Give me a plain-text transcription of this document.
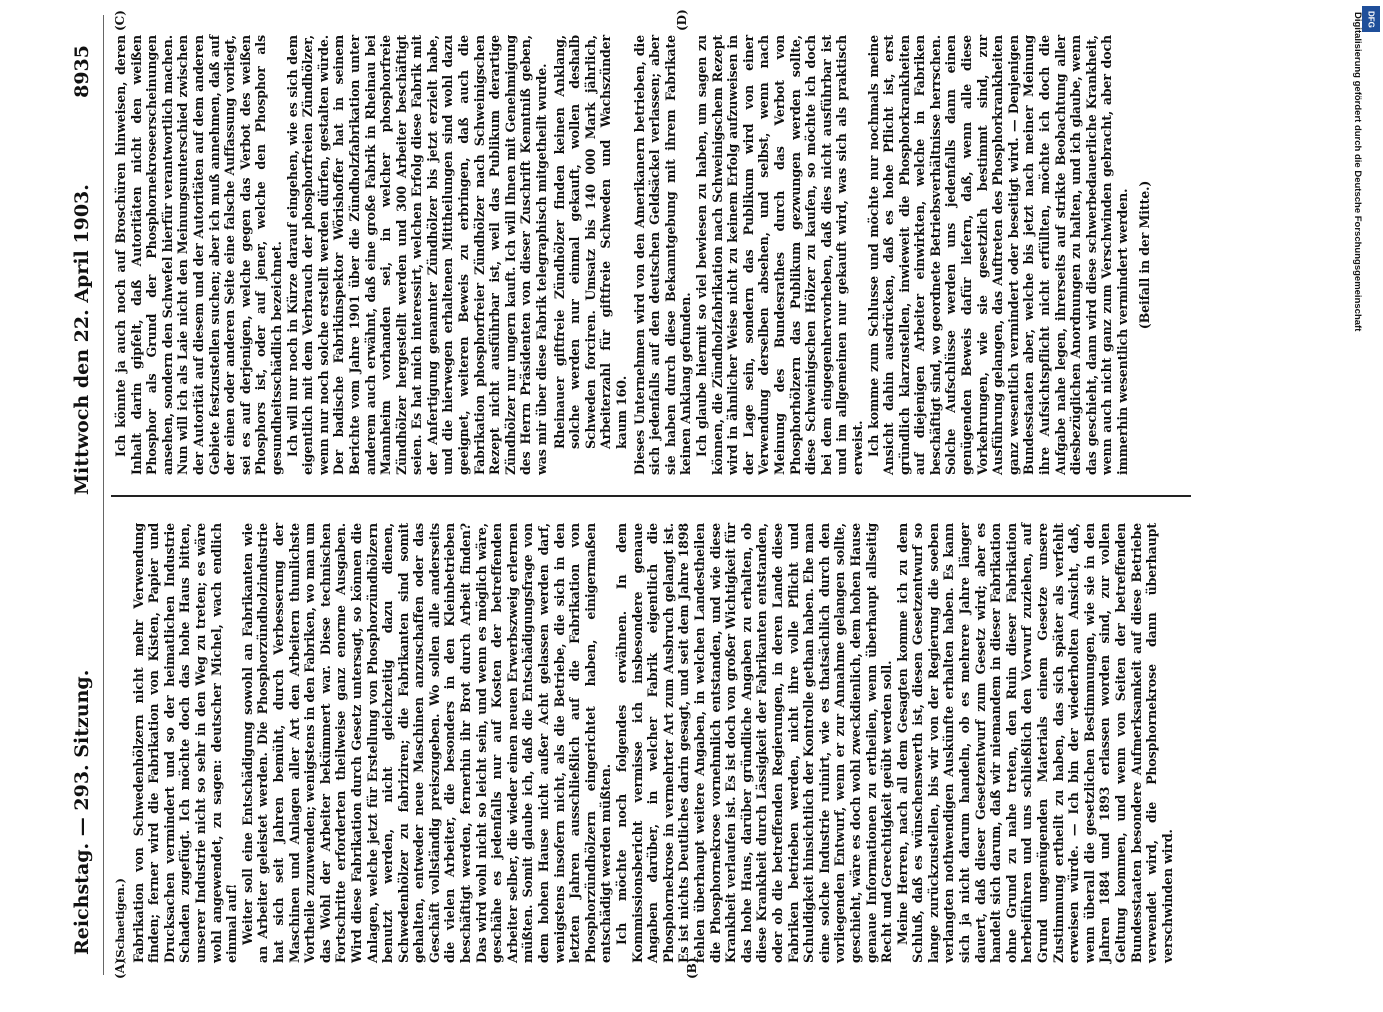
Reichstag. — 293. Sitzung.
Mittwoch den 22. April 1903.
8935
(A)	(B)
(C)	(D)

(Schaetigen.) Fabrikation von Schwedenhölzern nicht mehr Verwendung finden; ferner wird die Fabrikation von Kisten, Papier und Drucksachen vermindert und so der heimatlichen Industrie Schaden zugefügt. Ich möchte doch das hohe Haus bitten, unserer Industrie nicht so sehr in den Weg zu treten; es wäre wohl angewendet, zu sagen: deutscher Michel, wach endlich einmal auf! Weiter soll eine Entschädigung sowohl an Fabrikanten wie an Arbeiter geleistet werden. Die Phosphorzündholzindustrie hat sich seit Jahren bemüht, durch Verbesserung der Maschinen und Anlagen aller Art den Arbeitern thunlichste Vortheile zuzuwenden; wenigstens in den Fabriken, wo man um das Wohl der Arbeiter bekümmert war. Diese technischen Fortschritte erforderten theilweise ganz enorme Ausgaben. Wird diese Fabrikation durch Gesetz untersagt, so können die Anlagen, welche jetzt für Erstellung von Phosphorzündhölzern benutzt werden, nicht gleichzeitig dazu dienen, Schwedenhölzer zu fabriziren; die Fabrikanten sind somit gehalten, entweder neue Maschinen anzuschaffen oder das Geschäft vollständig preiszugeben. Wo sollen alle anderseits die vielen Arbeiter, die besonders in den Kleinbetrieben beschäftigt werden, fernerhin ihr Brot durch Arbeit finden? Das wird wohl nicht so leicht sein, und wenn es möglich wäre, geschähe es jedenfalls nur auf Kosten der betreffenden Arbeiter selber, die wieder einen neuen Erwerbszweig erlernen müßten. Somit glaube ich, daß die Entschädigungsfrage von dem hohen Hause nicht außer Acht gelassen werden darf, wenigstens insofern nicht, als die Betriebe, die sich in den letzten Jahren ausschließlich auf die Fabrikation von Phosphorzündhölzern eingerichtet haben, einigermaßen entschädigt werden müßten. Ich möchte noch folgendes erwähnen. In dem Kommissionsbericht vermisse ich insbesondere genaue Angaben darüber, in welcher Fabrik eigentlich die Phosphornekrose in vermehrter Art zum Ausbruch gelangt ist. Es ist nichts Deutliches darin gesagt, und seit dem Jahre 1898 fehlen überhaupt weitere Angaben, in welchen Landestheilen die Phosphornekrose vornehmlich entstanden, und wie diese Krankheit verlaufen ist. Es ist doch von großer Wichtigkeit für das hohe Haus, darüber gründliche Angaben zu erhalten, ob diese Krankheit durch Lässigkeit der Fabrikanten entstanden, oder ob die betreffenden Regierungen, in deren Lande diese Fabriken betrieben werden, nicht ihre volle Pflicht und Schuldigkeit hinsichtlich der Kontrolle gethan haben. Ehe man eine solche Industrie ruinirt, wie es thatsächlich durch den vorliegenden Entwurf, wenn er zur Annahme gelangen sollte, geschieht, wäre es doch wohl zweckdienlich, dem hohen Hause genaue Informationen zu ertheilen, wenn überhaupt allseitig Recht und Gerechtigkeit geübt werden soll. Meine Herren, nach all dem Gesagten komme ich zu dem Schluß, daß es wünschenswerth ist, diesen Gesetzentwurf so lange zurückzustellen, bis wir von der Regierung die soeben verlangten nothwendigen Auskünfte erhalten haben. Es kann sich ja nicht darum handeln, ob es mehrere Jahre länger dauert, daß dieser Gesetzentwurf zum Gesetz wird; aber es handelt sich darum, daß wir niemandem in dieser Fabrikation ohne Grund zu nahe treten, den Ruin dieser Fabrikation herbeiführen und uns schließlich den Vorwurf zuziehen, auf Grund ungenügenden Materials einem Gesetze unsere Zustimmung ertheilt zu haben, das sich später als verfehlt erweisen würde. — Ich bin der wiederholten Ansicht, daß, wenn überall die gesetzlichen Bestimmungen, wie sie in den Jahren 1884 und 1893 erlassen worden sind, zur vollen Geltung kommen, und wenn von Seiten der betreffenden Bundesstaaten besondere Aufmerksamkeit auf diese Betriebe verwendet wird, die Phosphornekrose dann überhaupt verschwinden wird.

Ich könnte ja auch noch auf Broschüren hinweisen, deren Inhalt darin gipfelt, daß Autoritäten nicht den weißen Phosphor als Grund der Phosphornekroseerscheinungen ansehen, sondern den Schwefel hierfür verantwortlich machen. Nun will ich als Laie nicht den Meinungsunterschied zwischen der Autorität auf diesem und der Autoritäten auf dem anderen Gebiete festzustellen suchen; aber ich muß annehmen, daß auf der einen oder anderen Seite eine falsche Auffassung vorliegt, sei es auf derjenigen, welche gegen das Verbot des weißen Phosphors ist, oder auf jener, welche den Phosphor als gesundheitsschädlich bezeichnet. Ich will nur noch in Kürze darauf eingehen, wie es sich dem eigentlich mit dem Verbrauch der phosphorfreien Zündhölzer, wenn nur noch solche erstellt werden dürfen, gestalten würde. Der badische Fabrikinspektor Wörishoffer hat in seinem Berichte vom Jahre 1901 über die Zündholzfabrikation unter anderem auch erwähnt, daß eine große Fabrik in Rheinau bei Mannheim vorhanden sei, in welcher phosphorfreie Zündhölzer hergestellt werden und 300 Arbeiter beschäftigt seien. Es hat mich interessirt, welchen Erfolg diese Fabrik mit der Anfertigung genannter Zündhölzer bis jetzt erzielt habe, und die hierwegen erhaltenen Mittheilungen sind wohl dazu geeignet, weiteren Beweis zu erbringen, daß auch die Fabrikation phosphorfreier Zündhölzer nach Schweinigschen Rezept nicht ausführbar ist, weil das Publikum derartige Zündhölzer nur ungern kauft. Ich will Ihnen mit Genehmigung des Herrn Präsidenten von dieser Zuschrift Kenntniß geben, was mir über diese Fabrik telegraphisch mitgetheilt wurde. Rheinauer giftfreie Zündhölzer finden keinen Anklang, solche werden nur einmal gekauft, wollen deshalb Schweden forciren. Umsatz bis 140 000 Mark jährlich, Arbeiterzahl für giftfreie Schweden und Wachszünder kaum 160. Dieses Unternehmen wird von den Amerikanern betrieben, die sich jedenfalls auf den deutschen Geldsäckel verlassen; aber sie haben durch diese Bekanntgebung mit ihrem Fabrikate keinen Anklang gefunden. Ich glaube hiermit so viel bewiesen zu haben, um sagen zu können, die Zündholzfabrikation nach Schweinigschem Rezept wird in ähnlicher Weise nicht zu keinem Erfolg aufzuweisen in der Lage sein, sondern das Publikum wird von einer Verwendung derselben absehen, und selbst, wenn nach Meinung des Bundesrathes durch das Verbot von Phosphorhölzern das Publikum gezwungen werden sollte, diese Schweinigschen Hölzer zu kaufen, so möchte ich doch bei dem eingegenhervorheben, daß dies nicht ausführbar ist und im allgemeinen nur gekauft wird, was sich als praktisch erweist. Ich komme zum Schlusse und möchte nur nochmals meine Ansicht dahin ausdrücken, daß es hohe Pflicht ist, erst gründlich klarzustellen, inwieweit die Phosphorkrankheiten auf diejenigen Arbeiter einwirkten, welche in Fabriken beschäftigt sind, wo geordnete Betriebsverhältnisse herrschen. Solche Aufschlüsse werden uns jedenfalls dann einen genügenden Beweis dafür liefern, daß, wenn alle diese Vorkehrungen, wie sie gesetzlich bestimmt sind, zur Ausführung gelangen, das Auftreten des Phosphorkrankheiten ganz wesentlich vermindert oder beseitigt wird. — Denjenigen Bundesstaaten aber, welche bis jetzt nach meiner Meinung ihre Aufsichtspflicht nicht erfüllten, möchte ich doch die Aufgabe nahe legen, ihrerseits auf strikte Beobachtung aller diesbezüglichen Anordnungen zu halten, und ich glaube, wenn das geschieht, dann wird diese schwerbedauerliche Krankheit, wenn auch nicht ganz zum Verschwinden gebracht, aber doch immerhin wesentlich vermindert werden. (Beifall in der Mitte.)

DFG
Digitalisierung gefördert durch die Deutsche Forschungsgemeinschaft
